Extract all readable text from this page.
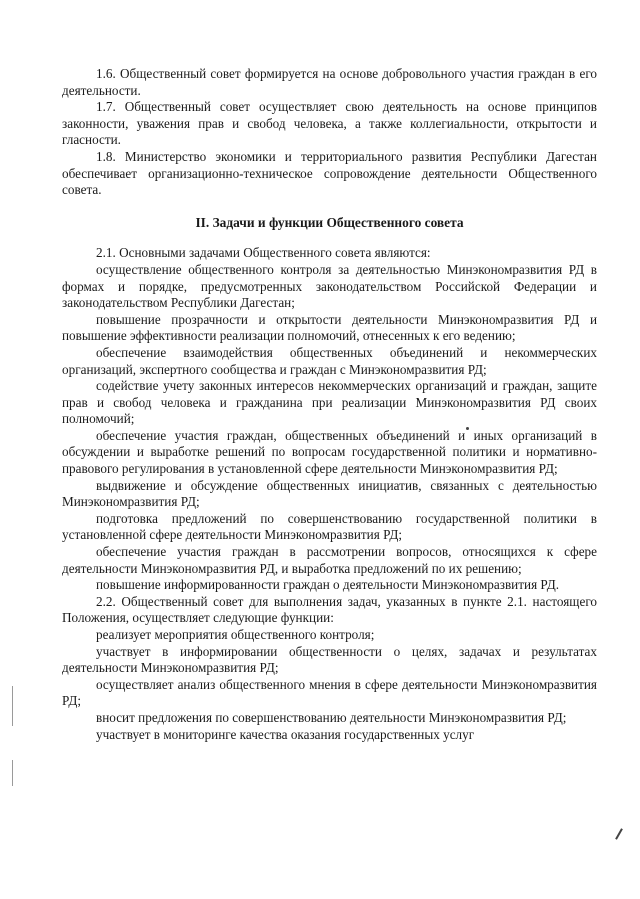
1.6. Общественный совет формируется на основе добровольного участия граждан в его деятельности.

1.7. Общественный совет осуществляет свою деятельность на основе принципов законности, уважения прав и свобод человека, а также коллегиальности, открытости и гласности.

1.8. Министерство экономики и территориального развития Республики Дагестан обеспечивает организационно-техническое сопровождение деятельности Общественного совета.

II. Задачи и функции Общественного совета

2.1. Основными задачами Общественного совета являются:

осуществление общественного контроля за деятельностью Минэкономразвития РД в формах и порядке, предусмотренных законодательством Российской Федерации и законодательством Республики Дагестан;

повышение прозрачности и открытости деятельности Минэкономразвития РД и повышение эффективности реализации полномочий, отнесенных к его ведению;

обеспечение взаимодействия общественных объединений и некоммерческих организаций, экспертного сообщества и граждан с Минэкономразвития РД;

содействие учету законных интересов некоммерческих организаций и граждан, защите прав и свобод человека и гражданина при реализации Минэкономразвития РД своих полномочий;

обеспечение участия граждан, общественных объединений и иных организаций в обсуждении и выработке решений по вопросам государственной политики и нормативно-правового регулирования в установленной сфере деятельности Минэкономразвития РД;

выдвижение и обсуждение общественных инициатив, связанных с деятельностью Минэкономразвития РД;

подготовка предложений по совершенствованию государственной политики в установленной сфере деятельности Минэкономразвития РД;

обеспечение участия граждан в рассмотрении вопросов, относящихся к сфере деятельности Минэкономразвития РД, и выработка предложений по их решению;

повышение информированности граждан о деятельности Минэкономразвития РД.

2.2. Общественный совет для выполнения задач, указанных в пункте 2.1. настоящего Положения, осуществляет следующие функции:

реализует мероприятия общественного контроля;

участвует в информировании общественности о целях, задачах и результатах деятельности Минэкономразвития РД;

осуществляет анализ общественного мнения в сфере деятельности Минэкономразвития РД;

вносит предложения по совершенствованию деятельности Минэкономразвития РД;

участвует в мониторинге качества оказания государственных услуг
